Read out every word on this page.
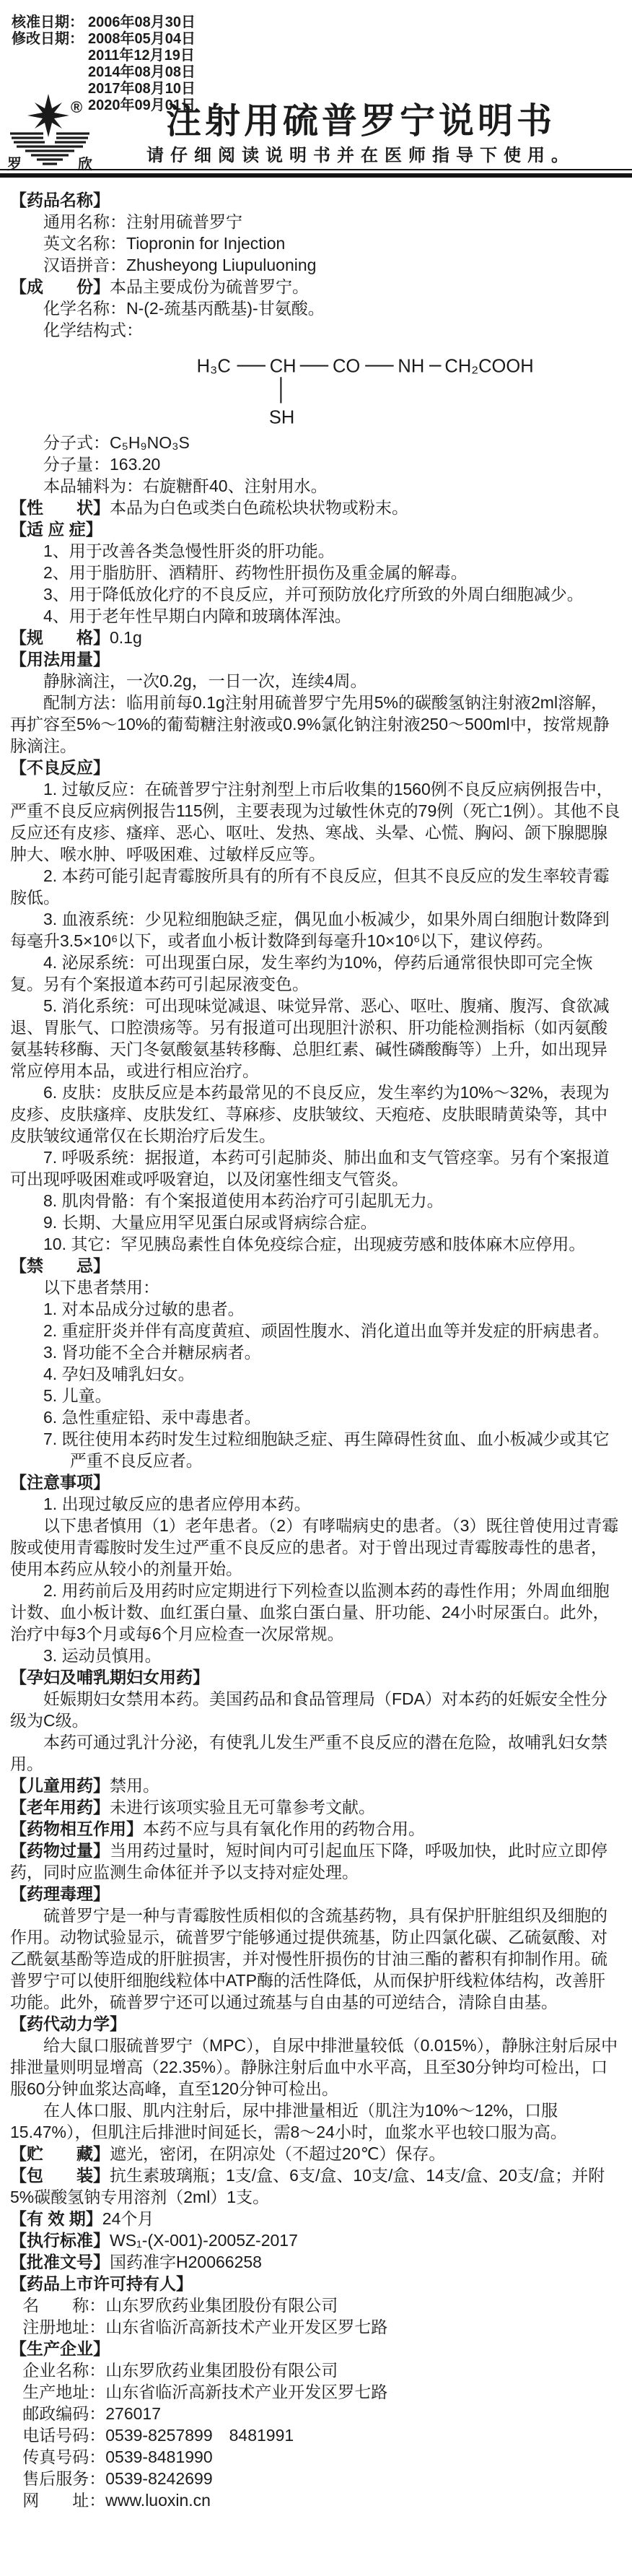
核准日期： 2006年08月30日
修改日期： 2008年05月04日
2011年12月19日
2014年08月08日
2017年08月10日
2020年09月01日
®
罗	欣
注射用硫普罗宁说明书
请仔细阅读说明书并在医师指导下使用。
【药品名称】
通用名称：注射用硫普罗宁
英文名称：Tiopronin for Injection
汉语拼音：Zhusheyong Liupuluoning
【成　　份】本品主要成份为硫普罗宁。
化学名称：N-(2-巯基丙酰基)-甘氨酸。
化学结构式：
H₃C CH CO NH CH₂COOH
SH
分子式：C₅H₉NO₃S
分子量：163.20
本品辅料为：右旋糖酐40、注射用水。
【性　　状】本品为白色或类白色疏松块状物或粉末。
【适 应 症】
1、用于改善各类急慢性肝炎的肝功能。
2、用于脂肪肝、酒精肝、药物性肝损伤及重金属的解毒。
3、用于降低放化疗的不良反应，并可预防放化疗所致的外周白细胞减少。
4、用于老年性早期白内障和玻璃体浑浊。
【规　　格】0.1g
【用法用量】
静脉滴注，一次0.2g，一日一次，连续4周。
配制方法：临用前每0.1g注射用硫普罗宁先用5%的碳酸氢钠注射液2ml溶解，再扩容至5%～10%的葡萄糖注射液或0.9%氯化钠注射液250～500ml中，按常规静脉滴注。
【不良反应】
1. 过敏反应：在硫普罗宁注射剂型上市后收集的1560例不良反应病例报告中，严重不良反应病例报告115例，主要表现为过敏性休克的79例（死亡1例）。其他不良反应还有皮疹、瘙痒、恶心、呕吐、发热、寒战、头晕、心慌、胸闷、颌下腺腮腺肿大、喉水肿、呼吸困难、过敏样反应等。
2. 本药可能引起青霉胺所具有的所有不良反应，但其不良反应的发生率较青霉胺低。
3. 血液系统：少见粒细胞缺乏症，偶见血小板减少，如果外周白细胞计数降到每毫升3.5×10⁶以下，或者血小板计数降到每毫升10×10⁶以下，建议停药。
4. 泌尿系统：可出现蛋白尿，发生率约为10%，停药后通常很快即可完全恢复。另有个案报道本药可引起尿液变色。
5. 消化系统：可出现味觉减退、味觉异常、恶心、呕吐、腹痛、腹泻、食欲减退、胃胀气、口腔溃疡等。另有报道可出现胆汁淤积、肝功能检测指标（如丙氨酸氨基转移酶、天门冬氨酸氨基转移酶、总胆红素、碱性磷酸酶等）上升，如出现异常应停用本品，或进行相应治疗。
6. 皮肤：皮肤反应是本药最常见的不良反应，发生率约为10%～32%，表现为皮疹、皮肤瘙痒、皮肤发红、荨麻疹、皮肤皱纹、天疱疮、皮肤眼睛黄染等，其中皮肤皱纹通常仅在长期治疗后发生。
7. 呼吸系统：据报道，本药可引起肺炎、肺出血和支气管痉挛。另有个案报道可出现呼吸困难或呼吸窘迫，以及闭塞性细支气管炎。
8. 肌肉骨骼：有个案报道使用本药治疗可引起肌无力。
9. 长期、大量应用罕见蛋白尿或肾病综合症。
10. 其它：罕见胰岛素性自体免疫综合症，出现疲劳感和肢体麻木应停用。
【禁　　忌】
以下患者禁用：
1. 对本品成分过敏的患者。
2. 重症肝炎并伴有高度黄疸、顽固性腹水、消化道出血等并发症的肝病患者。
3. 肾功能不全合并糖尿病者。
4. 孕妇及哺乳妇女。
5. 儿童。
6. 急性重症铅、汞中毒患者。
7. 既往使用本药时发生过粒细胞缺乏症、再生障碍性贫血、血小板减少或其它严重不良反应者。
【注意事项】
1. 出现过敏反应的患者应停用本药。
以下患者慎用（1）老年患者。（2）有哮喘病史的患者。（3）既往曾使用过青霉胺或使用青霉胺时发生过严重不良反应的患者。对于曾出现过青霉胺毒性的患者，使用本药应从较小的剂量开始。
2. 用药前后及用药时应定期进行下列检查以监测本药的毒性作用；外周血细胞计数、血小板计数、血红蛋白量、血浆白蛋白量、肝功能、24小时尿蛋白。此外，治疗中每3个月或每6个月应检查一次尿常规。
3. 运动员慎用。
【孕妇及哺乳期妇女用药】
妊娠期妇女禁用本药。美国药品和食品管理局（FDA）对本药的妊娠安全性分级为C级。
本药可通过乳汁分泌，有使乳儿发生严重不良反应的潜在危险，故哺乳妇女禁用。
【儿童用药】禁用。
【老年用药】未进行该项实验且无可靠参考文献。
【药物相互作用】本药不应与具有氧化作用的药物合用。
【药物过量】当用药过量时，短时间内可引起血压下降，呼吸加快，此时应立即停药，同时应监测生命体征并予以支持对症处理。
【药理毒理】
硫普罗宁是一种与青霉胺性质相似的含巯基药物，具有保护肝脏组织及细胞的作用。动物试验显示，硫普罗宁能够通过提供巯基，防止四氯化碳、乙硫氨酸、对乙酰氨基酚等造成的肝脏损害，并对慢性肝损伤的甘油三酯的蓄积有抑制作用。硫普罗宁可以使肝细胞线粒体中ATP酶的活性降低，从而保护肝线粒体结构，改善肝功能。此外，硫普罗宁还可以通过巯基与自由基的可逆结合，清除自由基。
【药代动力学】
给大鼠口服硫普罗宁（MPC），自尿中排泄量较低（0.015%），静脉注射后尿中排泄量则明显增高（22.35%）。静脉注射后血中水平高，且至30分钟均可检出，口服60分钟血浆达高峰，直至120分钟可检出。
在人体口服、肌内注射后，尿中排泄量相近（肌注为10%～12%，口服15.47%），但肌注后排泄时间延长，需8～24小时，血浆水平也较口服为高。
【贮　　藏】遮光，密闭，在阴凉处（不超过20℃）保存。
【包　　装】抗生素玻璃瓶；1支/盒、6支/盒、10支/盒、14支/盒、20支/盒；并附5%碳酸氢钠专用溶剂（2ml）1支。
【有 效 期】24个月
【执行标准】WS₁-(X-001)-2005Z-2017
【批准文号】国药准字H20066258
【药品上市许可持有人】
名　　称：山东罗欣药业集团股份有限公司
注册地址：山东省临沂高新技术产业开发区罗七路
【生产企业】
企业名称：山东罗欣药业集团股份有限公司
生产地址：山东省临沂高新技术产业开发区罗七路
邮政编码：276017
电话号码：0539-8257899　8481991
传真号码：0539-8481990
售后服务：0539-8242699
网　　址：www.luoxin.cn
